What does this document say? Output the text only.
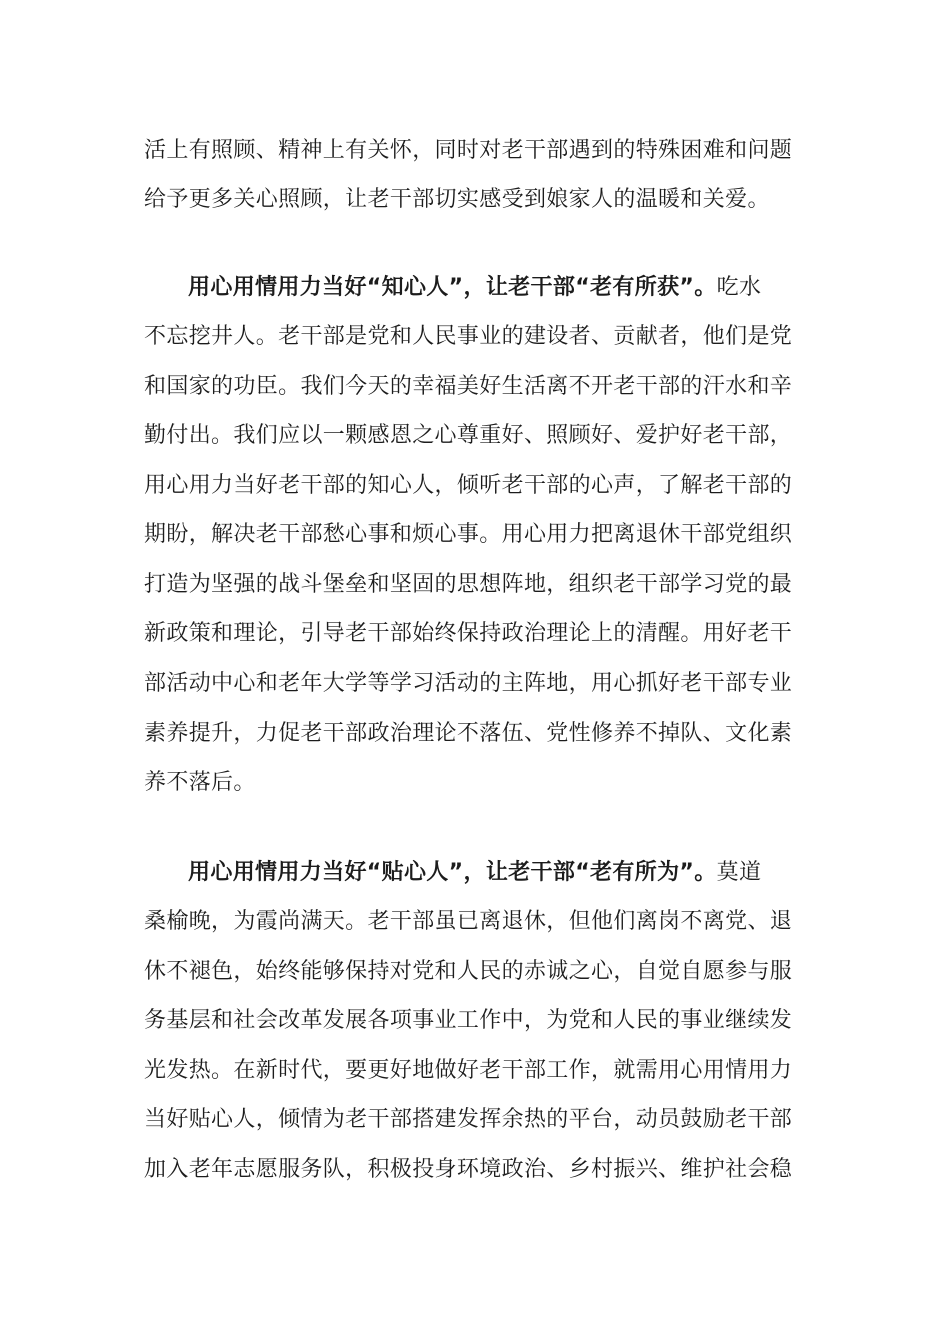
活上有照顾、精神上有关怀，同时对老干部遇到的特殊困难和问题
给予更多关心照顾，让老干部切实感受到娘家人的温暖和关爱。
用心用情用力当好“知心人”，让老干部“老有所获”。吃水
不忘挖井人。老干部是党和人民事业的建设者、贡献者，他们是党
和国家的功臣。我们今天的幸福美好生活离不开老干部的汗水和辛
勤付出。我们应以一颗感恩之心尊重好、照顾好、爱护好老干部，
用心用力当好老干部的知心人，倾听老干部的心声，了解老干部的
期盼，解决老干部愁心事和烦心事。用心用力把离退休干部党组织
打造为坚强的战斗堡垒和坚固的思想阵地，组织老干部学习党的最
新政策和理论，引导老干部始终保持政治理论上的清醒。用好老干
部活动中心和老年大学等学习活动的主阵地，用心抓好老干部专业
素养提升，力促老干部政治理论不落伍、党性修养不掉队、文化素
养不落后。
用心用情用力当好“贴心人”，让老干部“老有所为”。莫道
桑榆晚，为霞尚满天。老干部虽已离退休，但他们离岗不离党、退
休不褪色，始终能够保持对党和人民的赤诚之心，自觉自愿参与服
务基层和社会改革发展各项事业工作中，为党和人民的事业继续发
光发热。在新时代，要更好地做好老干部工作，就需用心用情用力
当好贴心人，倾情为老干部搭建发挥余热的平台，动员鼓励老干部
加入老年志愿服务队，积极投身环境政治、乡村振兴、维护社会稳
